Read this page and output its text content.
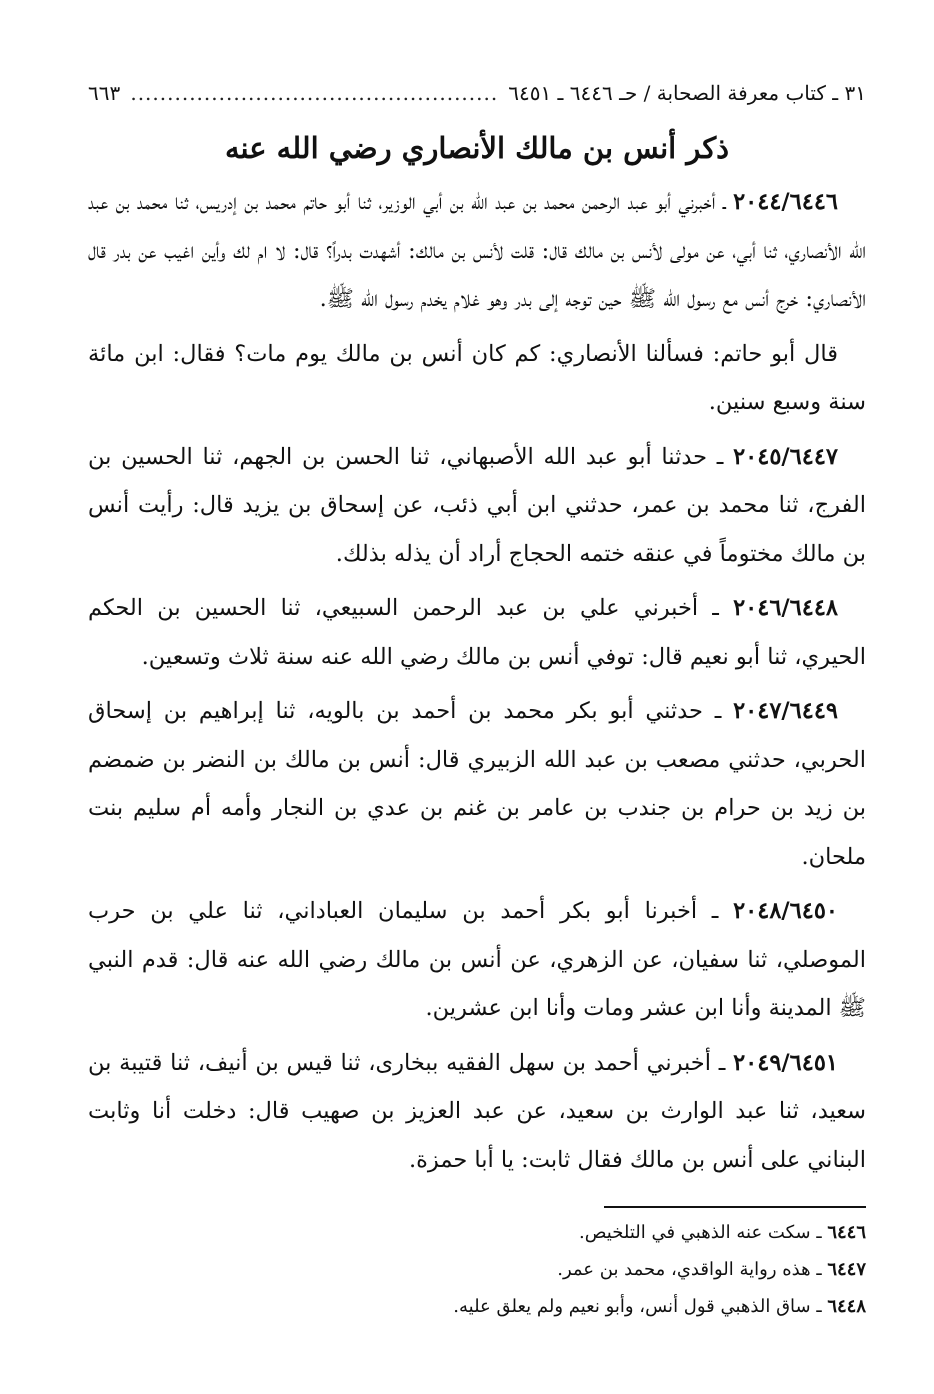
٣١ ـ كتاب معرفة الصحابة / حـ ٦٤٤٦ ـ ٦٤٥١
.....
٦٦٣
ذكر أنس بن مالك الأنصاري رضي الله عنه

٢٠٤٤/٦٤٤٦ ـ أخبرني أبو عبد الرحمن محمد بن عبد الله بن أبي الوزير، ثنا أبو حاتم محمد بن إدريس، ثنا محمد بن عبد الله الأنصاري، ثنا أبي، عن مولى لأنس بن مالك قال: قلت لأنس بن مالك: أشهدت بدراً؟ قال: لا ام لك وأين اغيب عن بدر قال الأنصاري: خرج أنس مع رسول الله ﷺ حين توجه إلى بدر وهو غلام يخدم رسول الله ﷺ.

قال أبو حاتم: فسألنا الأنصاري: كم كان أنس بن مالك يوم مات؟ فقال: ابن مائة سنة وسبع سنين.

٢٠٤٥/٦٤٤٧ ـ حدثنا أبو عبد الله الأصبهاني، ثنا الحسن بن الجهم، ثنا الحسين بن الفرج، ثنا محمد بن عمر، حدثني ابن أبي ذئب، عن إسحاق بن يزيد قال: رأيت أنس بن مالك مختوماً في عنقه ختمه الحجاج أراد أن يذله بذلك.

٢٠٤٦/٦٤٤٨ ـ أخبرني علي بن عبد الرحمن السبيعي، ثنا الحسين بن الحكم الحيري، ثنا أبو نعيم قال: توفي أنس بن مالك رضي الله عنه سنة ثلاث وتسعين.

٢٠٤٧/٦٤٤٩ ـ حدثني أبو بكر محمد بن أحمد بن بالويه، ثنا إبراهيم بن إسحاق الحربي، حدثني مصعب بن عبد الله الزبيري قال: أنس بن مالك بن النضر بن ضمضم بن زيد بن حرام بن جندب بن عامر بن غنم بن عدي بن النجار وأمه أم سليم بنت ملحان.

٢٠٤٨/٦٤٥٠ ـ أخبرنا أبو بكر أحمد بن سليمان العباداني، ثنا علي بن حرب الموصلي، ثنا سفيان، عن الزهري، عن أنس بن مالك رضي الله عنه قال: قدم النبي ﷺ المدينة وأنا ابن عشر ومات وأنا ابن عشرين.

٢٠٤٩/٦٤٥١ ـ أخبرني أحمد بن سهل الفقيه ببخارى، ثنا قيس بن أنيف، ثنا قتيبة بن سعيد، ثنا عبد الوارث بن سعيد، عن عبد العزيز بن صهيب قال: دخلت أنا وثابت البناني على أنس بن مالك فقال ثابت: يا أبا حمزة.

٦٤٤٦ ـ سكت عنه الذهبي في التلخيص.
٦٤٤٧ ـ هذه رواية الواقدي، محمد بن عمر.
٦٤٤٨ ـ ساق الذهبي قول أنس، وأبو نعيم ولم يعلق عليه.
